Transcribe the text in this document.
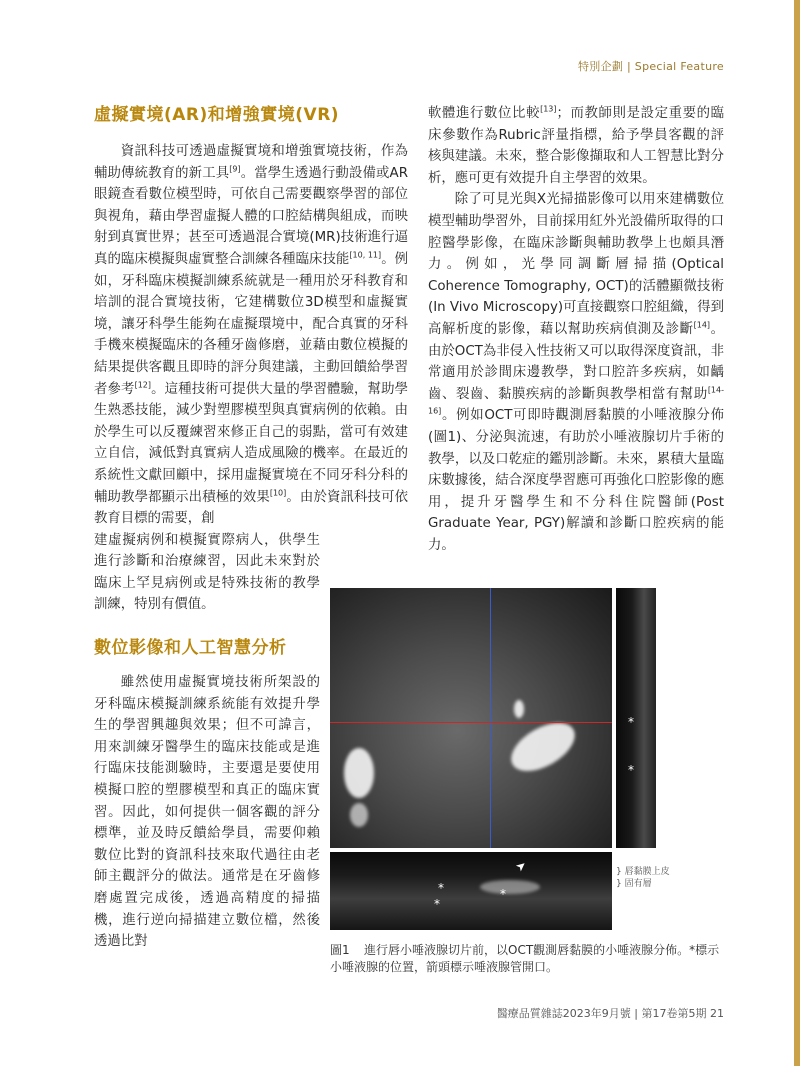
特別企劃 | Special Feature
虛擬實境(AR)和增強實境(VR)

資訊科技可透過虛擬實境和增強實境技術，作為輔助傳統教育的新工具[9]。當學生透過行動設備或AR眼鏡查看數位模型時，可依自己需要觀察學習的部位與視角，藉由學習虛擬人體的口腔結構與組成，而映射到真實世界；甚至可透過混合實境(MR)技術進行逼真的臨床模擬與虛實整合訓練各種臨床技能[10, 11]。例如，牙科臨床模擬訓練系統就是一種用於牙科教育和培訓的混合實境技術，它建構數位3D模型和虛擬實境，讓牙科學生能夠在虛擬環境中，配合真實的牙科手機來模擬臨床的各種牙齒修磨，並藉由數位模擬的結果提供客觀且即時的評分與建議，主動回饋給學習者參考[12]。這種技術可提供大量的學習體驗，幫助學生熟悉技能，減少對塑膠模型與真實病例的依賴。由於學生可以反覆練習來修正自己的弱點，當可有效建立自信，減低對真實病人造成風險的機率。在最近的系統性文獻回顧中，採用虛擬實境在不同牙科分科的輔助教學都顯示出積極的效果[10]。由於資訊科技可依教育目標的需要，創

建虛擬病例和模擬實際病人，供學生進行診斷和治療練習，因此未來對於臨床上罕見病例或是特殊技術的教學訓練，特別有價值。

數位影像和人工智慧分析

雖然使用虛擬實境技術所架設的牙科臨床模擬訓練系統能有效提升學生的學習興趣與效果；但不可諱言，用來訓練牙醫學生的臨床技能或是進行臨床技能測驗時，主要還是要使用模擬口腔的塑膠模型和真正的臨床實習。因此，如何提供一個客觀的評分標準，並及時反饋給學員，需要仰賴數位比對的資訊科技來取代過往由老師主觀評分的做法。通常是在牙齒修磨處置完成後，透過高精度的掃描機，進行逆向掃描建立數位檔，然後透過比對

軟體進行數位比較[13]；而教師則是設定重要的臨床參數作為Rubric評量指標，給予學員客觀的評核與建議。未來，整合影像擷取和人工智慧比對分析，應可更有效提升自主學習的效果。

除了可見光與X光掃描影像可以用來建構數位模型輔助學習外，目前採用紅外光設備所取得的口腔醫學影像，在臨床診斷與輔助教學上也頗具潛力。例如，光學同調斷層掃描(Optical Coherence Tomography, OCT)的活體顯微技術(In Vivo Microscopy)可直接觀察口腔組織，得到高解析度的影像，藉以幫助疾病偵測及診斷[14]。由於OCT為非侵入性技術又可以取得深度資訊，非常適用於診間床邊教學，對口腔許多疾病，如齲齒、裂齒、黏膜疾病的診斷與教學相當有幫助[14-16]。例如OCT可即時觀測唇黏膜的小唾液腺分佈(圖1)、分泌與流速，有助於小唾液腺切片手術的教學，以及口乾症的鑑別診斷。未來，累積大量臨床數據後，結合深度學習應可再強化口腔影像的應用，提升牙醫學生和不分科住院醫師(Post Graduate Year, PGY)解讀和診斷口腔疾病的能力。

*
*
*
*
*
➤	} 唇黏膜上皮
} 固有層
圖1 進行唇小唾液腺切片前，以OCT觀測唇黏膜的小唾液腺分佈。*標示小唾液腺的位置，箭頭標示唾液腺管開口。
醫療品質雜誌2023年9月號 | 第17卷第5期 21
